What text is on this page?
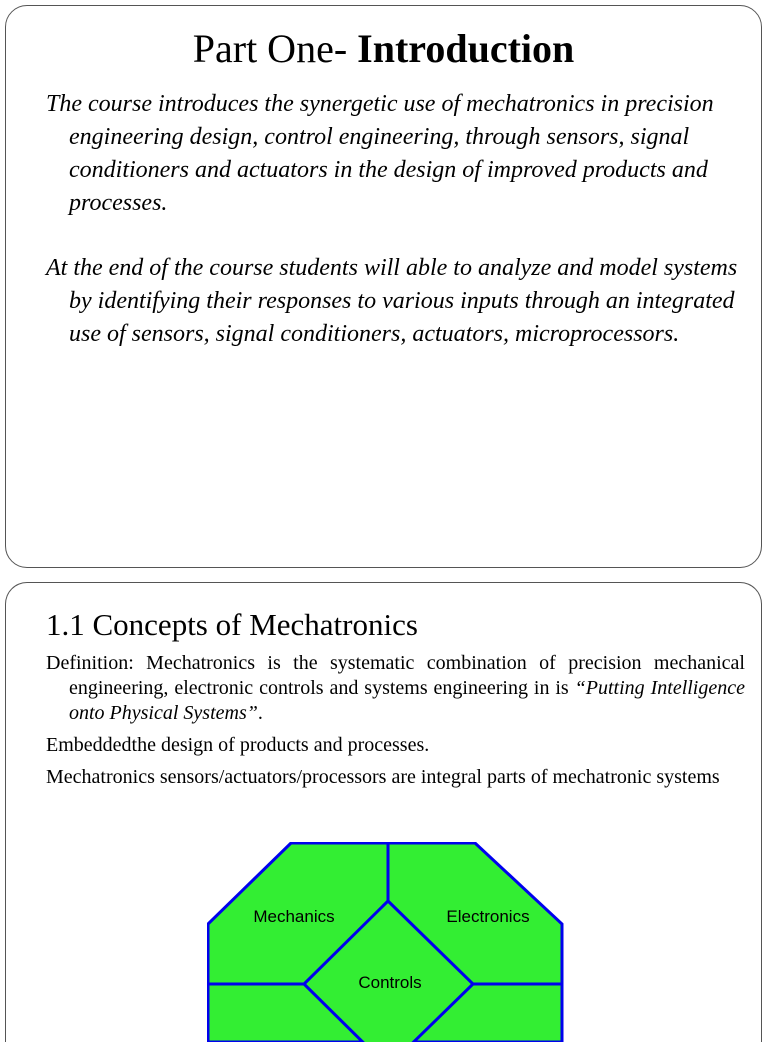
Part One- Introduction

The course introduces the synergetic use of mechatronics in precision engineering design, control engineering, through sensors, signal conditioners and actuators in the design of improved products and processes.

At the end of the course students will able to analyze and model systems by identifying their responses to various inputs through an integrated use of sensors, signal conditioners, actuators, microprocessors.

1.1 Concepts of Mechatronics

Definition: Mechatronics is the systematic combination of precision mechanical engineering, electronic controls and systems engineering in is “Putting Intelligence onto Physical Systems”.

Embeddedthe design of products and processes.

Mechatronics sensors/actuators/processors are integral parts of mechatronic systems

Mechanics	Electronics
Controls
